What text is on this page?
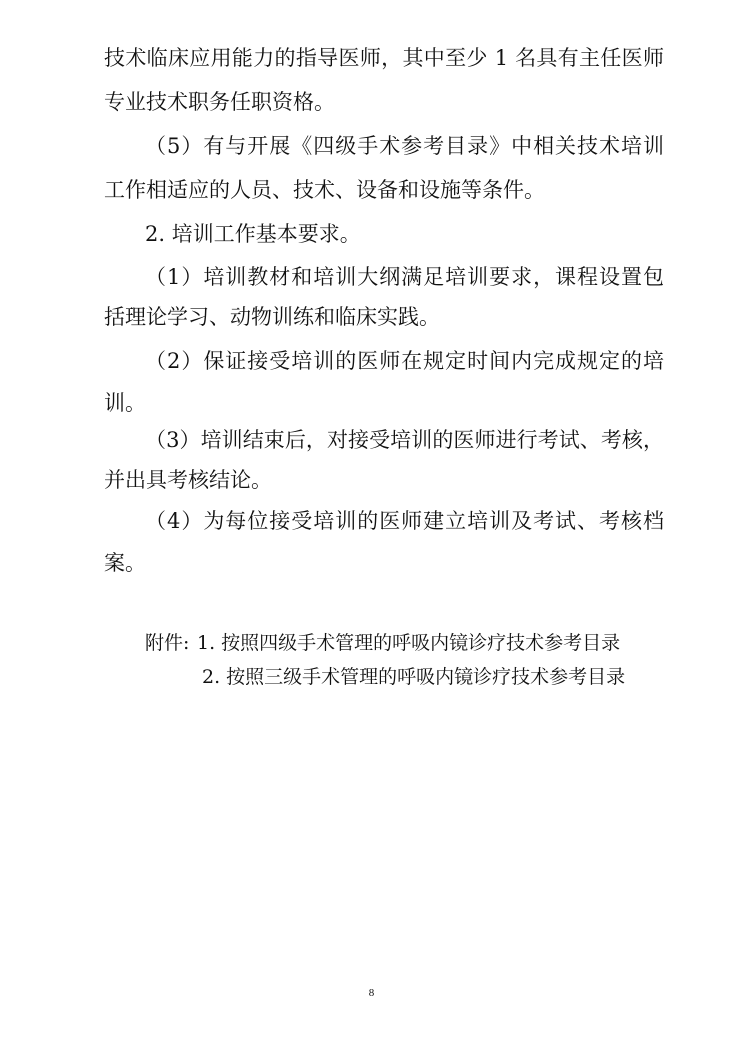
技术临床应用能力的指导医师，其中至少 1 名具有主任医师
专业技术职务任职资格。
（5）有与开展《四级手术参考目录》中相关技术培训
工作相适应的人员、技术、设备和设施等条件。
2. 培训工作基本要求。
（1）培训教材和培训大纲满足培训要求，课程设置包
括理论学习、动物训练和临床实践。
（2）保证接受培训的医师在规定时间内完成规定的培
训。
（3）培训结束后，对接受培训的医师进行考试、考核，
并出具考核结论。
（4）为每位接受培训的医师建立培训及考试、考核档
案。
附件: 1. 按照四级手术管理的呼吸内镜诊疗技术参考目录
2. 按照三级手术管理的呼吸内镜诊疗技术参考目录
8
